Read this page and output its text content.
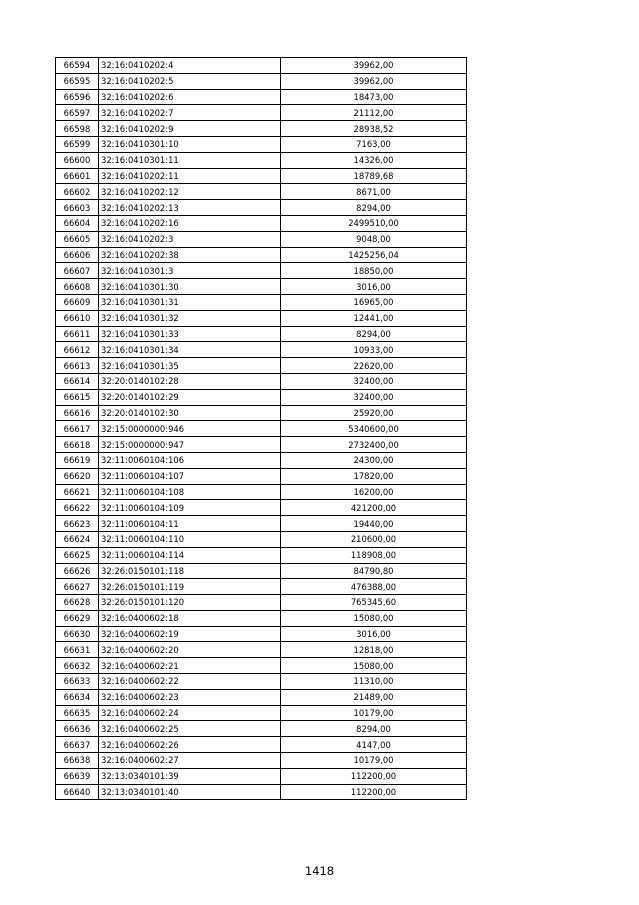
66594	32:16:0410202:4	39962,00
66595	32:16:0410202:5	39962,00
66596	32:16:0410202:6	18473,00
66597	32:16:0410202:7	21112,00
66598	32:16:0410202:9	28938,52
66599	32:16:0410301:10	7163,00
66600	32:16:0410301:11	14326,00
66601	32:16:0410202:11	18789,68
66602	32:16:0410202:12	8671,00
66603	32:16:0410202:13	8294,00
66604	32:16:0410202:16	2499510,00
66605	32:16:0410202:3	9048,00
66606	32:16:0410202:38	1425256,04
66607	32:16:0410301:3	18850,00
66608	32:16:0410301:30	3016,00
66609	32:16:0410301:31	16965,00
66610	32:16:0410301:32	12441,00
66611	32:16:0410301:33	8294,00
66612	32:16:0410301:34	10933,00
66613	32:16:0410301:35	22620,00
66614	32:20:0140102:28	32400,00
66615	32:20:0140102:29	32400,00
66616	32:20:0140102:30	25920,00
66617	32:15:0000000:946	5340600,00
66618	32:15:0000000:947	2732400,00
66619	32:11:0060104:106	24300,00
66620	32:11:0060104:107	17820,00
66621	32:11:0060104:108	16200,00
66622	32:11:0060104:109	421200,00
66623	32:11:0060104:11	19440,00
66624	32:11:0060104:110	210600,00
66625	32:11:0060104:114	118908,00
66626	32:26:0150101:118	84790,80
66627	32:26:0150101:119	476388,00
66628	32:26:0150101:120	765345,60
66629	32:16:0400602:18	15080,00
66630	32:16:0400602:19	3016,00
66631	32:16:0400602:20	12818,00
66632	32:16:0400602:21	15080,00
66633	32:16:0400602:22	11310,00
66634	32:16:0400602:23	21489,00
66635	32:16:0400602:24	10179,00
66636	32:16:0400602:25	8294,00
66637	32:16:0400602:26	4147,00
66638	32:16:0400602:27	10179,00
66639	32:13:0340101:39	112200,00
66640	32:13:0340101:40	112200,00
1418
